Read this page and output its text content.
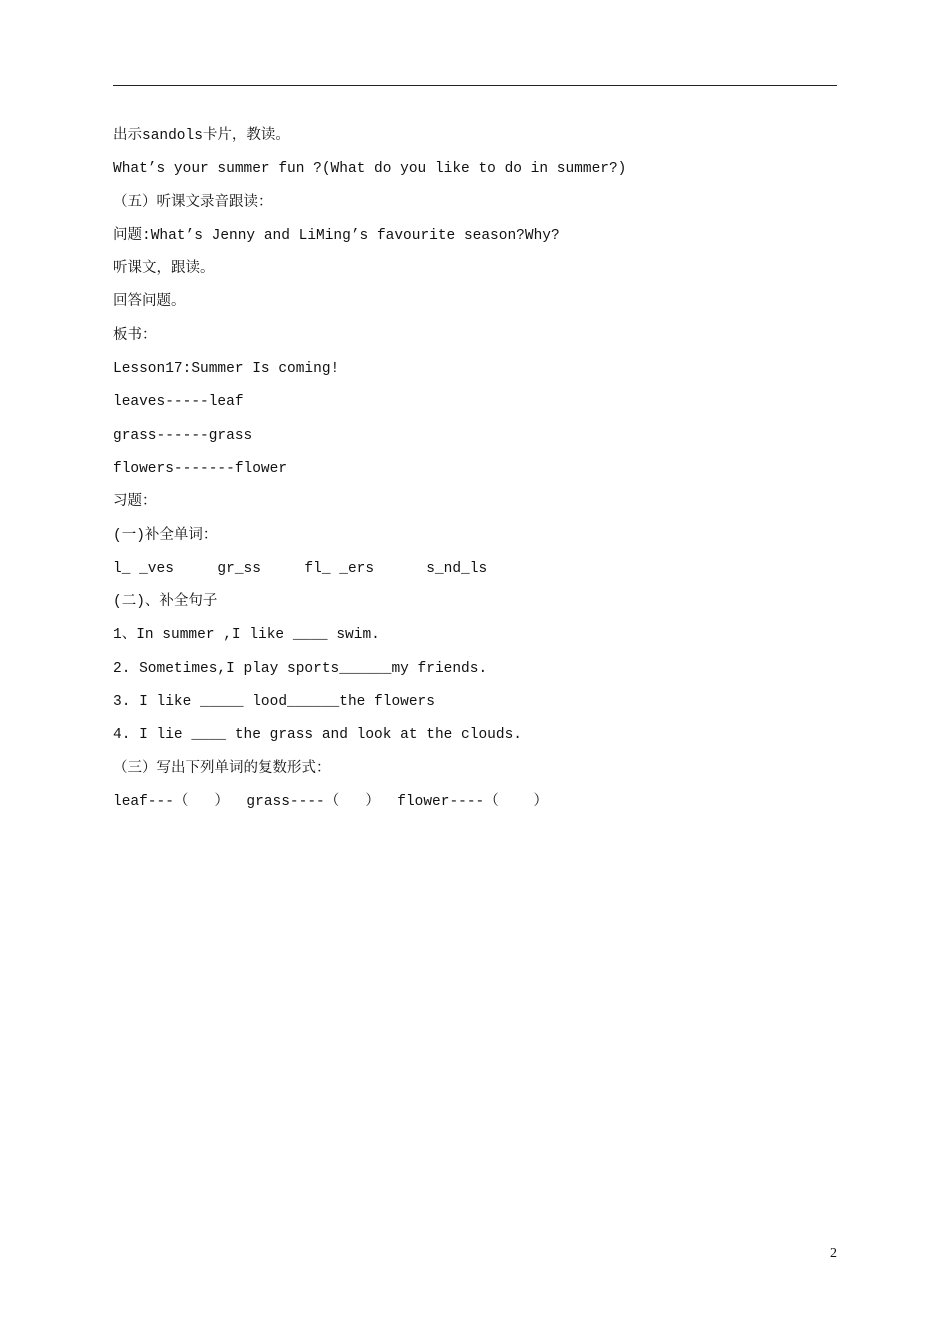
出示sandols卡片，教读。
What’s your summer fun ?(What do you like to do in summer?)
（五）听课文录音跟读：
问题:What’s Jenny and LiMing’s favourite season?Why?
听课文，跟读。
回答问题。
板书：
Lesson17:Summer Is coming!
leaves-----leaf
grass------grass
flowers-------flower
习题：
(一)补全单词：
l_ _ves     gr_ss     fl_ _ers      s_nd_ls
(二)、补全句子
1、In summer ,I like ____ swim.
2. Sometimes,I play sports______my friends.
3. I like _____ lood______the flowers
4. I lie ____ the grass and look at the clouds.
（三）写出下列单词的复数形式：
leaf---（   ）  grass----（   ）  flower----（    ）
2
